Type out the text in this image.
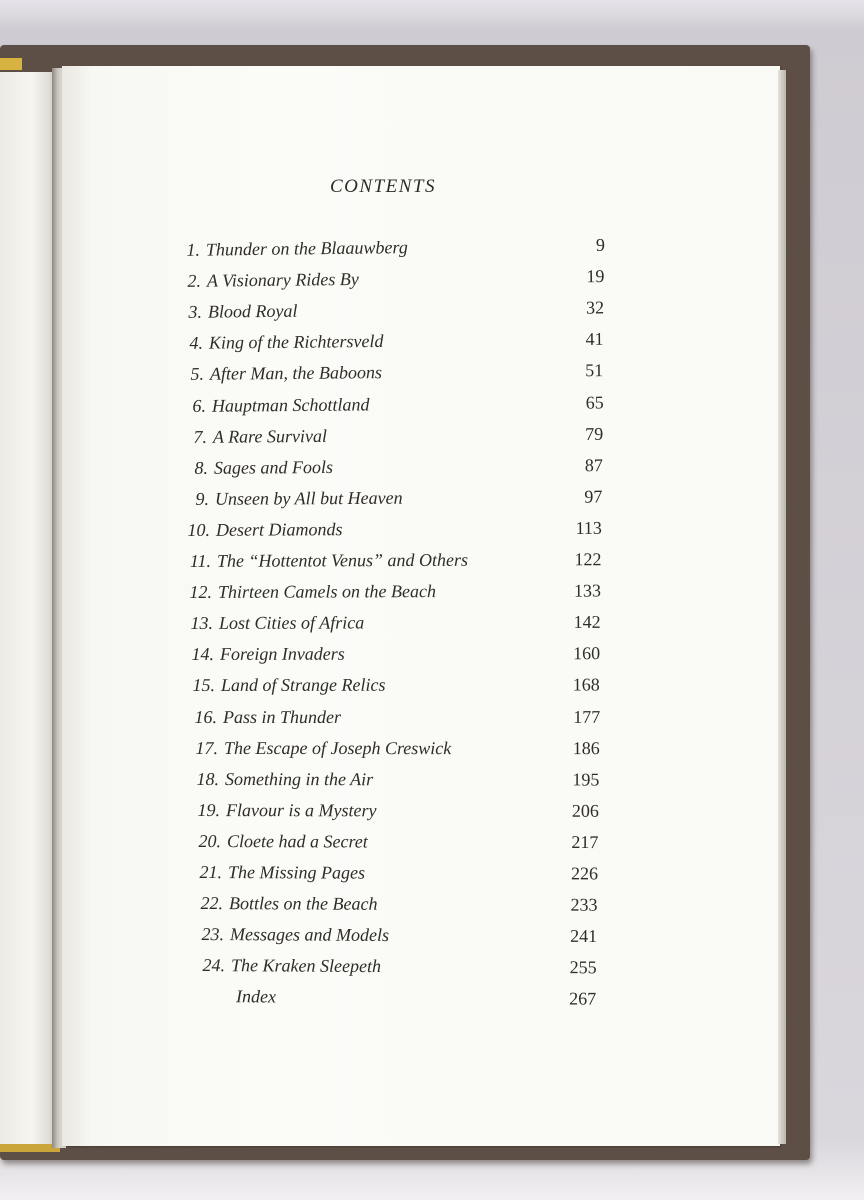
CONTENTS
1. Thunder on the Blaauwberg	9
2. A Visionary Rides By	19
3. Blood Royal	32
4. King of the Richtersveld	41
5. After Man, the Baboons	51
6. Hauptman Schottland	65
7. A Rare Survival	79
8. Sages and Fools	87
9. Unseen by All but Heaven	97
10. Desert Diamonds	113
11. The “Hottentot Venus” and Others	122
12. Thirteen Camels on the Beach	133
13. Lost Cities of Africa	142
14. Foreign Invaders	160
15. Land of Strange Relics	168
16. Pass in Thunder	177
17. The Escape of Joseph Creswick	186
18. Something in the Air	195
19. Flavour is a Mystery	206
20. Cloete had a Secret	217
21. The Missing Pages	226
22. Bottles on the Beach	233
23. Messages and Models	241
24. The Kraken Sleepeth	255
Index	267
